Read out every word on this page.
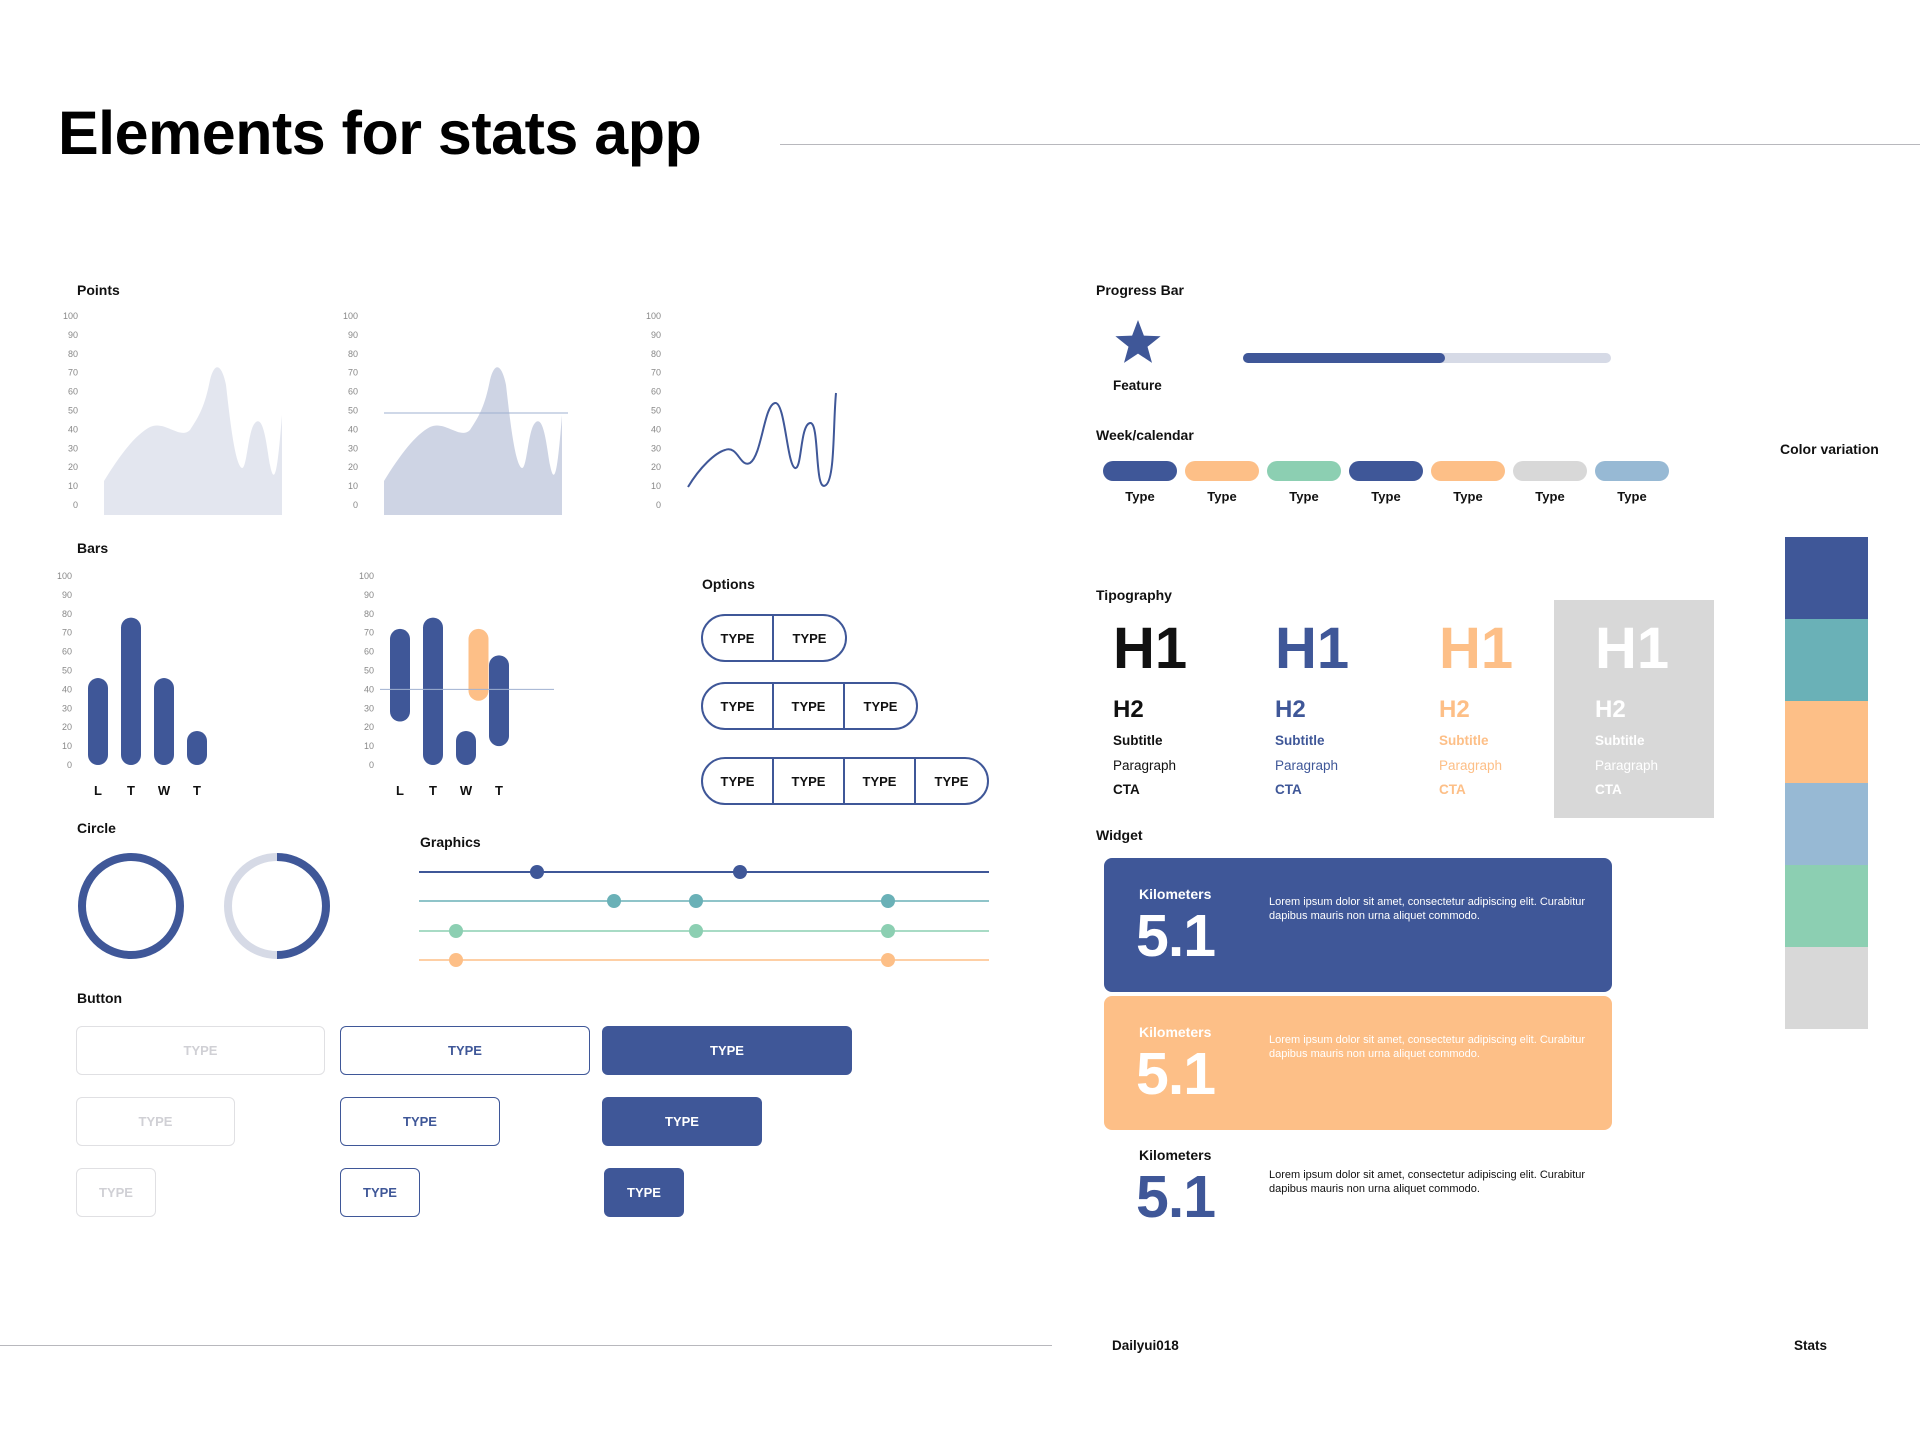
Elements for stats app
Points
100
90
80
70
60
50
40
30
20
10
0
100
90
80
70
60
50
40
30
20
10
0
100
90
80
70
60
50
40
30
20
10
0
Bars
100
90
80
70
60
50
40
30
20
10
0
L T W T
100
90
80
70
60
50
40
30
20
10
0
L T W T
Options
TYPE	TYPE
TYPE	TYPE	TYPE
TYPE	TYPE	TYPE	TYPE
Circle
Graphics
Button
TYPE	TYPE	TYPE
TYPE	TYPE	TYPE
TYPE	TYPE	TYPE
Progress Bar
Feature
Week/calendar
Type	Type	Type	Type	Type	Type	Type
Color variation
Tipography
H1
H2
Subtitle
Paragraph
CTA
H1
H2
Subtitle
Paragraph
CTA
H1
H2
Subtitle
Paragraph
CTA
H1
H2
Subtitle
Paragraph
CTA
Widget
Kilometers
5.1
Lorem ipsum dolor sit amet, consectetur adipiscing elit. Curabitur dapibus mauris non urna aliquet commodo.
Kilometers
5.1
Lorem ipsum dolor sit amet, consectetur adipiscing elit. Curabitur dapibus mauris non urna aliquet commodo.
Kilometers
5.1	Lorem ipsum dolor sit amet, consectetur adipiscing elit. Curabitur dapibus mauris non urna aliquet commodo.
Dailyui018	Stats
